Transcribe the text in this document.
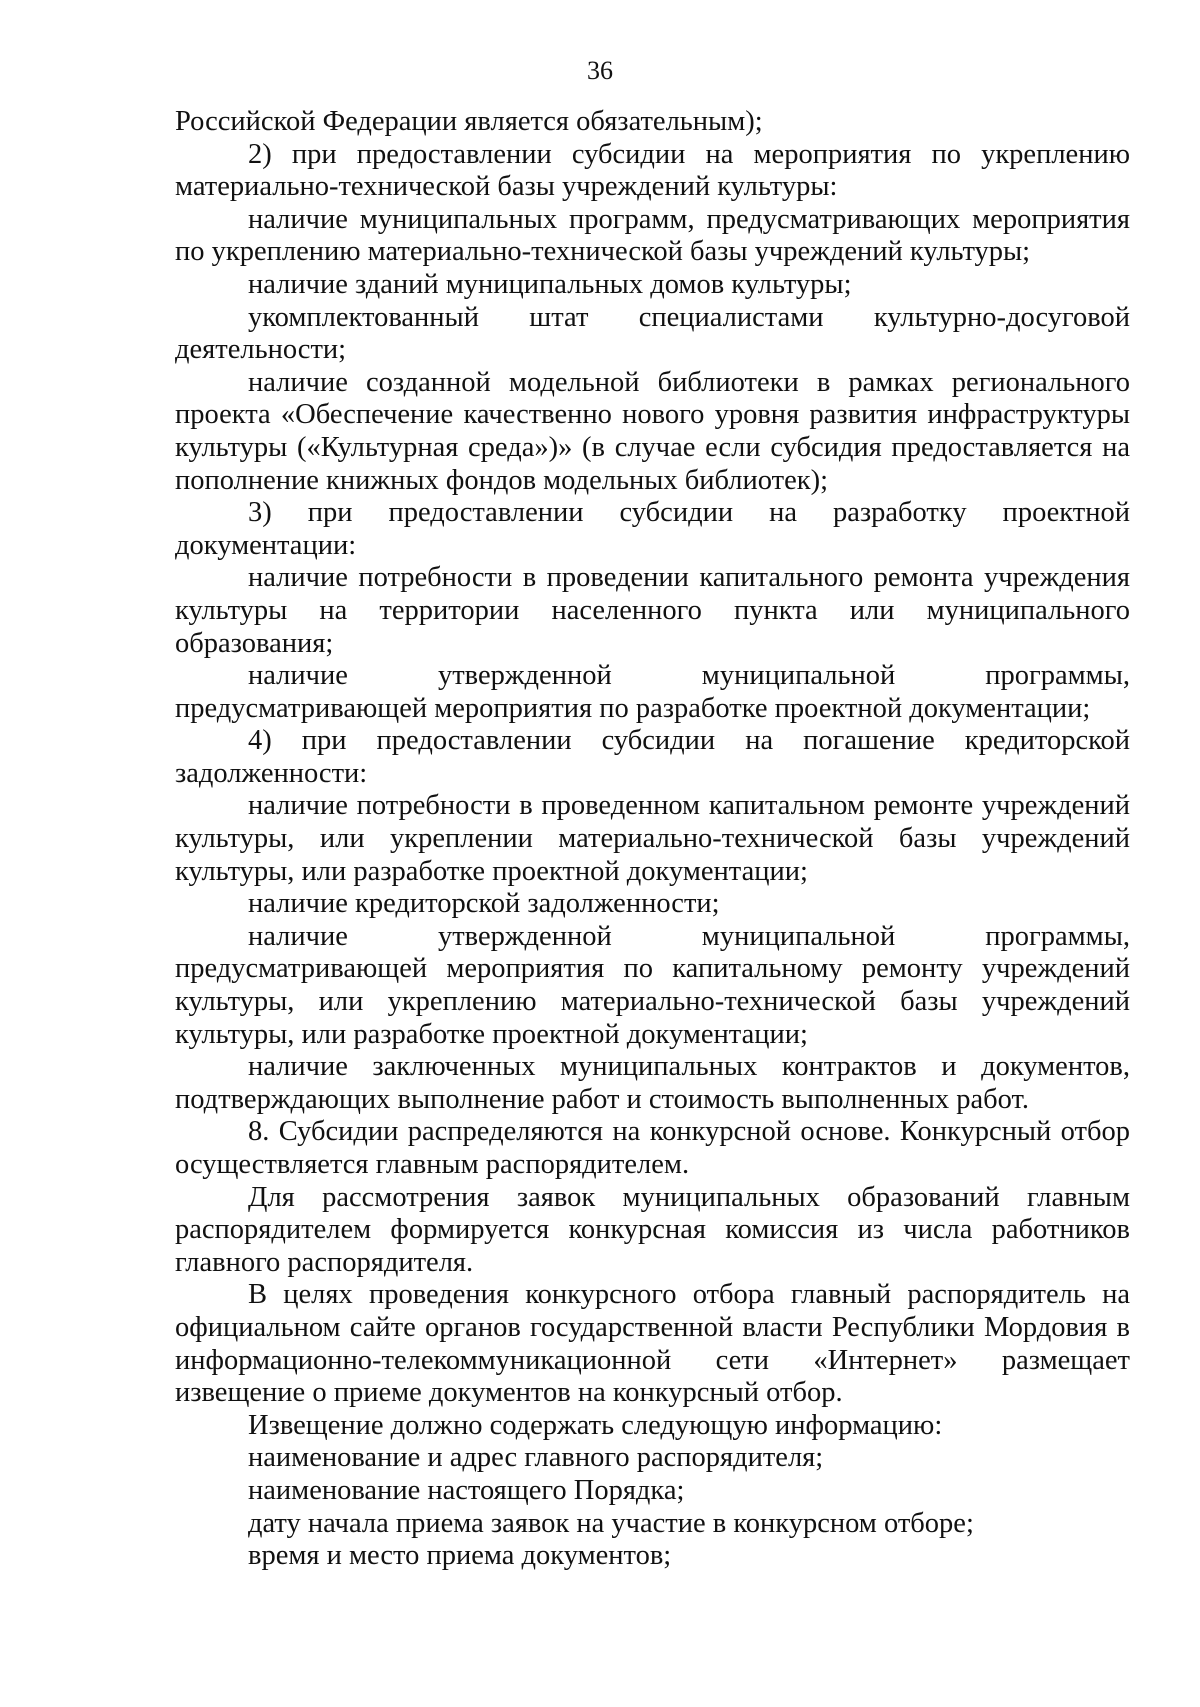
36

Российской Федерации является обязательным);

2) при предоставлении субсидии на мероприятия по укреплению материально-технической базы учреждений культуры:

наличие муниципальных программ, предусматривающих мероприятия по укреплению материально-технической базы учреждений культуры;

наличие зданий муниципальных домов культуры;

укомплектованный штат специалистами культурно-досуговой деятельности;

наличие созданной модельной библиотеки в рамках регионального проекта «Обеспечение качественно нового уровня развития инфраструктуры культуры («Культурная среда»)» (в случае если субсидия предоставляется на пополнение книжных фондов модельных библиотек);

3) при предоставлении субсидии на разработку проектной документации:

наличие потребности в проведении капитального ремонта учреждения культуры на территории населенного пункта или муниципального образования;

наличие утвержденной муниципальной программы, предусматривающей мероприятия по разработке проектной документации;

4) при предоставлении субсидии на погашение кредиторской задолженности:

наличие потребности в проведенном капитальном ремонте учреждений культуры, или укреплении материально-технической базы учреждений культуры, или разработке проектной документации;

наличие кредиторской задолженности;

наличие утвержденной муниципальной программы, предусматривающей мероприятия по капитальному ремонту учреждений культуры, или укреплению материально-технической базы учреждений культуры, или разработке проектной документации;

наличие заключенных муниципальных контрактов и документов, подтверждающих выполнение работ и стоимость выполненных работ.

8. Субсидии распределяются на конкурсной основе. Конкурсный отбор осуществляется главным распорядителем.

Для рассмотрения заявок муниципальных образований главным распорядителем формируется конкурсная комиссия из числа работников главного распорядителя.

В целях проведения конкурсного отбора главный распорядитель на официальном сайте органов государственной власти Республики Мордовия в информационно-телекоммуникационной сети «Интернет» размещает извещение о приеме документов на конкурсный отбор.

Извещение должно содержать следующую информацию:

наименование и адрес главного распорядителя;

наименование настоящего Порядка;

дату начала приема заявок на участие в конкурсном отборе;

время и место приема документов;
